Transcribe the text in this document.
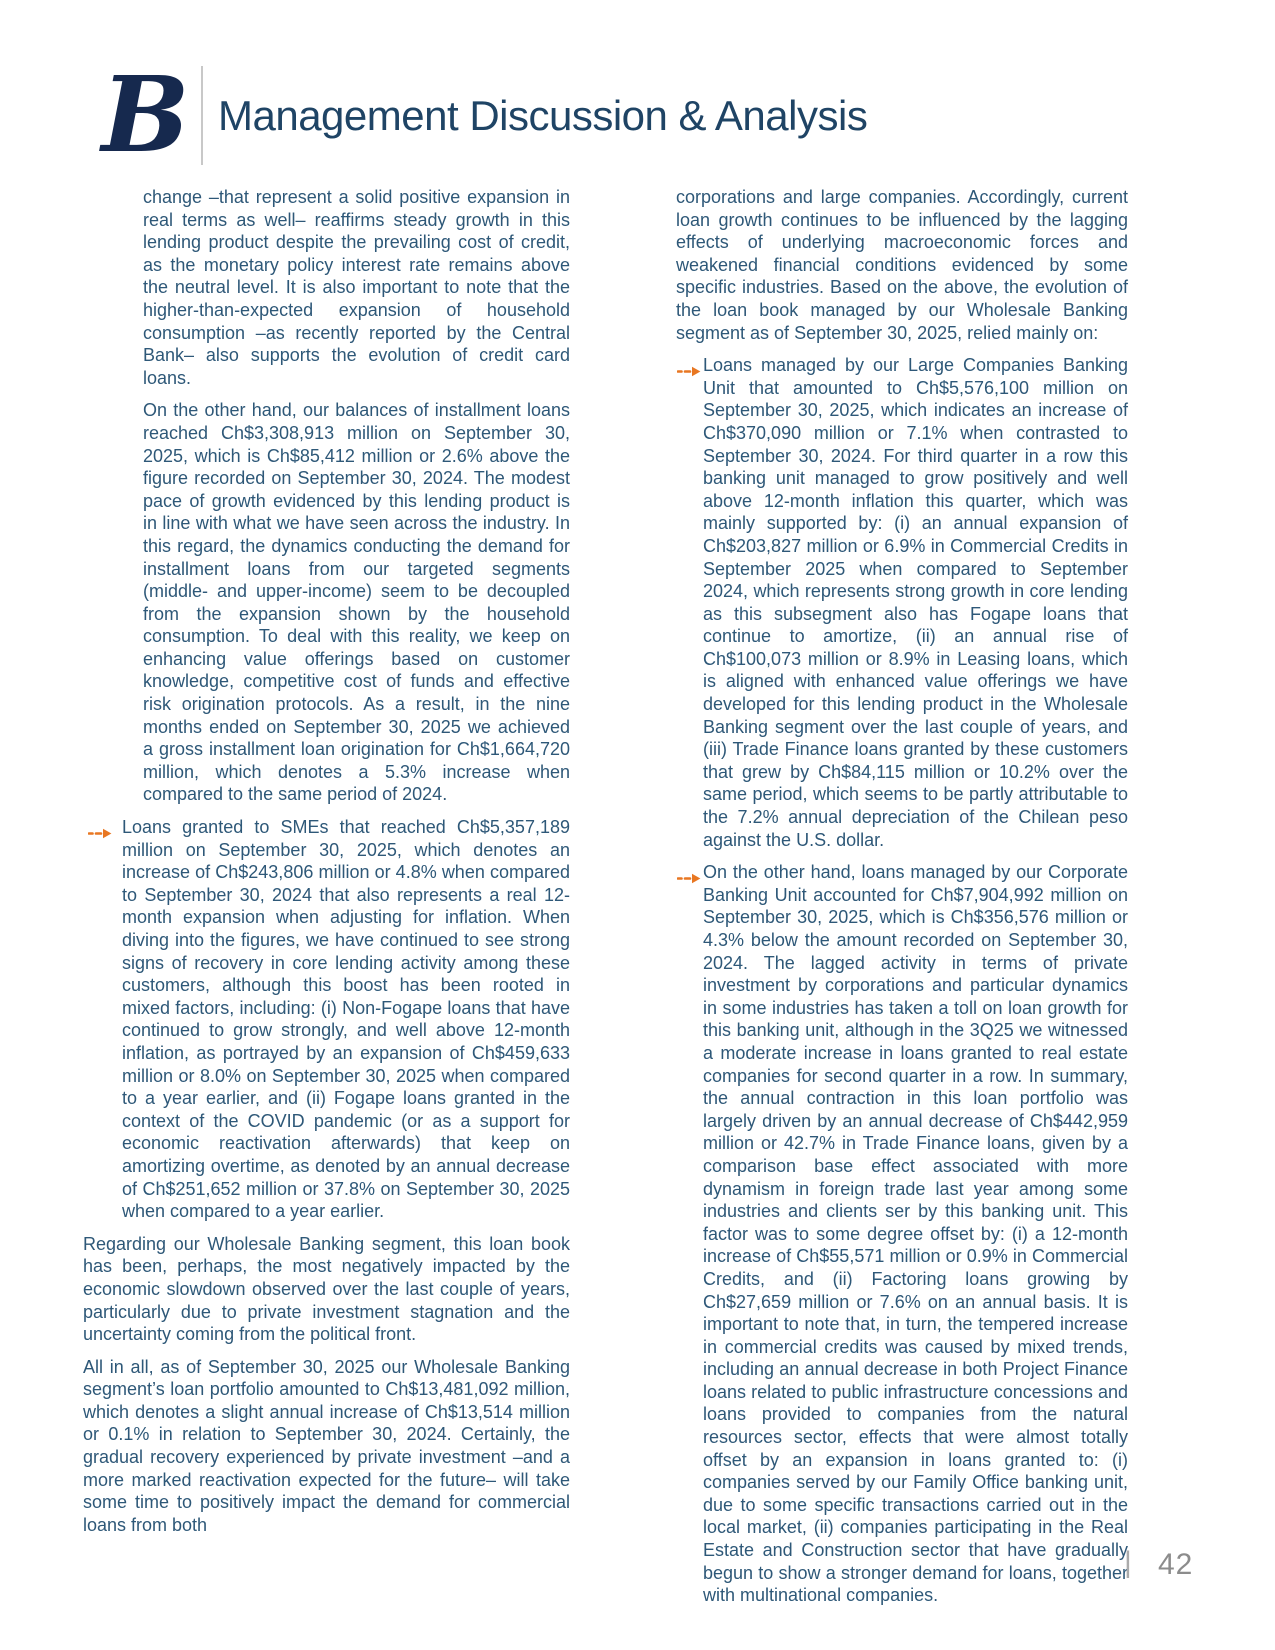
B Management Discussion & Analysis
change –that represent a solid positive expansion in real terms as well– reaffirms steady growth in this lending product despite the prevailing cost of credit, as the monetary policy interest rate remains above the neutral level. It is also important to note that the higher-than-expected expansion of household consumption –as recently reported by the Central Bank– also supports the evolution of credit card loans.
On the other hand, our balances of installment loans reached Ch$3,308,913 million on September 30, 2025, which is Ch$85,412 million or 2.6% above the figure recorded on September 30, 2024. The modest pace of growth evidenced by this lending product is in line with what we have seen across the industry. In this regard, the dynamics conducting the demand for installment loans from our targeted segments (middle- and upper-income) seem to be decoupled from the expansion shown by the household consumption. To deal with this reality, we keep on enhancing value offerings based on customer knowledge, competitive cost of funds and effective risk origination protocols. As a result, in the nine months ended on September 30, 2025 we achieved a gross installment loan origination for Ch$1,664,720 million, which denotes a 5.3% increase when compared to the same period of 2024.
Loans granted to SMEs that reached Ch$5,357,189 million on September 30, 2025, which denotes an increase of Ch$243,806 million or 4.8% when compared to September 30, 2024 that also represents a real 12-month expansion when adjusting for inflation. When diving into the figures, we have continued to see strong signs of recovery in core lending activity among these customers, although this boost has been rooted in mixed factors, including: (i) Non-Fogape loans that have continued to grow strongly, and well above 12-month inflation, as portrayed by an expansion of Ch$459,633 million or 8.0% on September 30, 2025 when compared to a year earlier, and (ii) Fogape loans granted in the context of the COVID pandemic (or as a support for economic reactivation afterwards) that keep on amortizing overtime, as denoted by an annual decrease of Ch$251,652 million or 37.8% on September 30, 2025 when compared to a year earlier.
Regarding our Wholesale Banking segment, this loan book has been, perhaps, the most negatively impacted by the economic slowdown observed over the last couple of years, particularly due to private investment stagnation and the uncertainty coming from the political front.
All in all, as of September 30, 2025 our Wholesale Banking segment’s loan portfolio amounted to Ch$13,481,092 million, which denotes a slight annual increase of Ch$13,514 million or 0.1% in relation to September 30, 2024. Certainly, the gradual recovery experienced by private investment –and a more marked reactivation expected for the future– will take some time to positively impact the demand for commercial loans from both
corporations and large companies. Accordingly, current loan growth continues to be influenced by the lagging effects of underlying macroeconomic forces and weakened financial conditions evidenced by some specific industries. Based on the above, the evolution of the loan book managed by our Wholesale Banking segment as of September 30, 2025, relied mainly on:
Loans managed by our Large Companies Banking Unit that amounted to Ch$5,576,100 million on September 30, 2025, which indicates an increase of Ch$370,090 million or 7.1% when contrasted to September 30, 2024. For third quarter in a row this banking unit managed to grow positively and well above 12-month inflation this quarter, which was mainly supported by: (i) an annual expansion of Ch$203,827 million or 6.9% in Commercial Credits in September 2025 when compared to September 2024, which represents strong growth in core lending as this subsegment also has Fogape loans that continue to amortize, (ii) an annual rise of Ch$100,073 million or 8.9% in Leasing loans, which is aligned with enhanced value offerings we have developed for this lending product in the Wholesale Banking segment over the last couple of years, and (iii) Trade Finance loans granted by these customers that grew by Ch$84,115 million or 10.2% over the same period, which seems to be partly attributable to the 7.2% annual depreciation of the Chilean peso against the U.S. dollar.
On the other hand, loans managed by our Corporate Banking Unit accounted for Ch$7,904,992 million on September 30, 2025, which is Ch$356,576 million or 4.3% below the amount recorded on September 30, 2024. The lagged activity in terms of private investment by corporations and particular dynamics in some industries has taken a toll on loan growth for this banking unit, although in the 3Q25 we witnessed a moderate increase in loans granted to real estate companies for second quarter in a row. In summary, the annual contraction in this loan portfolio was largely driven by an annual decrease of Ch$442,959 million or 42.7% in Trade Finance loans, given by a comparison base effect associated with more dynamism in foreign trade last year among some industries and clients ser by this banking unit. This factor was to some degree offset by: (i) a 12-month increase of Ch$55,571 million or 0.9% in Commercial Credits, and (ii) Factoring loans growing by Ch$27,659 million or 7.6% on an annual basis. It is important to note that, in turn, the tempered increase in commercial credits was caused by mixed trends, including an annual decrease in both Project Finance loans related to public infrastructure concessions and loans provided to companies from the natural resources sector, effects that were almost totally offset by an expansion in loans granted to: (i) companies served by our Family Office banking unit, due to some specific transactions carried out in the local market, (ii) companies participating in the Real Estate and Construction sector that have gradually begun to show a stronger demand for loans, together with multinational companies.
| 42
